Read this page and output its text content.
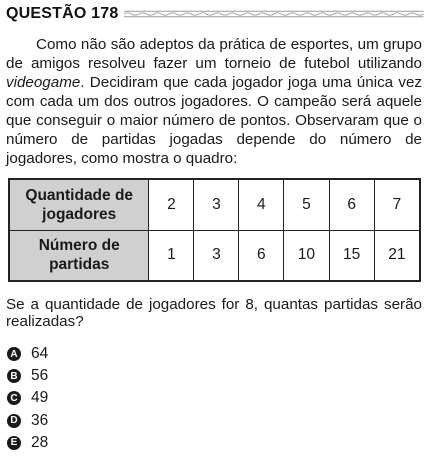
QUESTÃO 178

Como não são adeptos da prática de esportes, um grupo de amigos resolveu fazer um torneio de futebol utilizando videogame. Decidiram que cada jogador joga uma única vez com cada um dos outros jogadores. O campeão será aquele que conseguir o maior número de pontos. Observaram que o número de partidas jogadas depende do número de jogadores, como mostra o quadro:

Quantidade de jogadores	2	3	4	5	6	7
Número de partidas	1	3	6	10	15	21

Se a quantidade de jogadores for 8, quantas partidas serão realizadas?

A 64
B 56
C 49
D 36
E 28
